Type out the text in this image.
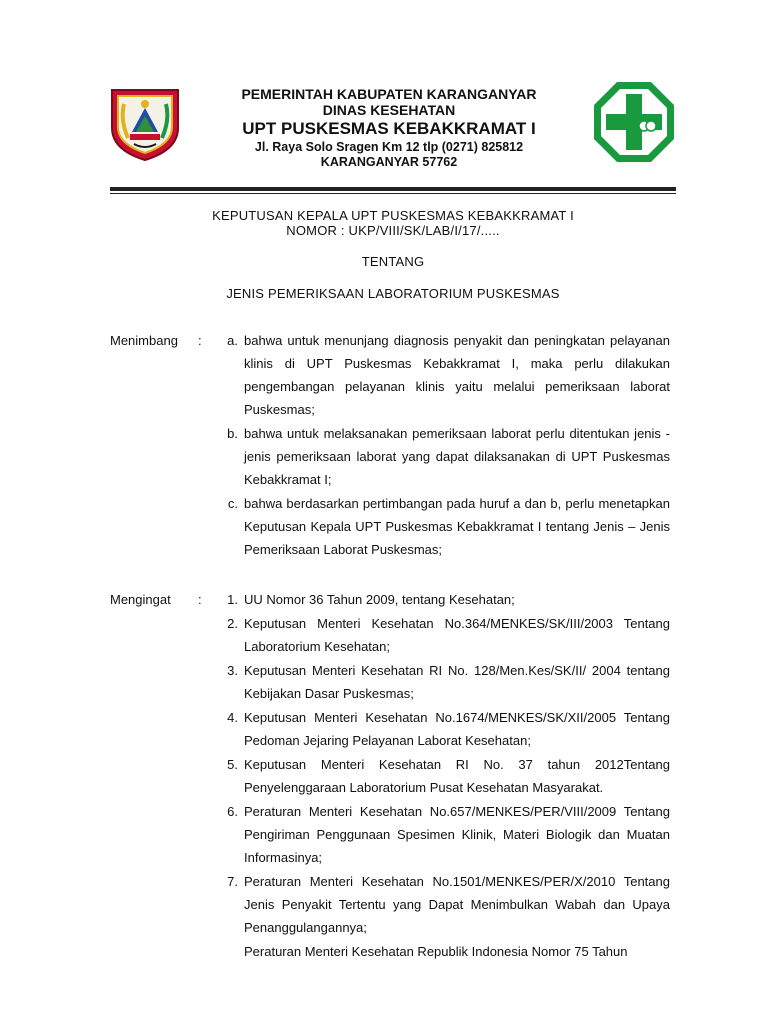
PEMERINTAH KABUPATEN KARANGANYAR
DINAS KESEHATAN
UPT PUSKESMAS KEBAKKRAMAT I
Jl. Raya Solo Sragen Km 12 tlp (0271) 825812
KARANGANYAR 57762
KEPUTUSAN KEPALA UPT PUSKESMAS KEBAKKRAMAT I
NOMOR : UKP/VIII/SK/LAB/I/17/.....
TENTANG
JENIS PEMERIKSAAN LABORATORIUM PUSKESMAS
Menimbang	:	a. bahwa untuk menunjang diagnosis penyakit dan peningkatan pelayanan klinis di UPT Puskesmas Kebakkramat I, maka perlu dilakukan pengembangan pelayanan klinis yaitu melalui pemeriksaan laborat Puskesmas;
b. bahwa untuk melaksanakan pemeriksaan laborat perlu ditentukan jenis - jenis pemeriksaan laborat yang dapat dilaksanakan di UPT Puskesmas Kebakkramat I;
c. bahwa berdasarkan pertimbangan pada huruf a dan b, perlu menetapkan Keputusan Kepala UPT Puskesmas Kebakkramat I tentang Jenis – Jenis Pemeriksaan Laborat Puskesmas;
Mengingat	:	1. UU Nomor 36 Tahun 2009, tentang Kesehatan;
2. Keputusan Menteri Kesehatan No.364/MENKES/SK/III/2003 Tentang Laboratorium Kesehatan;
3. Keputusan Menteri Kesehatan RI No. 128/Men.Kes/SK/II/ 2004 tentang Kebijakan Dasar Puskesmas;
4. Keputusan Menteri Kesehatan No.1674/MENKES/SK/XII/2005 Tentang Pedoman Jejaring Pelayanan Laborat Kesehatan;
5. Keputusan Menteri Kesehatan RI No. 37 tahun 2012Tentang Penyelenggaraan Laboratorium Pusat Kesehatan Masyarakat.
6. Peraturan Menteri Kesehatan No.657/MENKES/PER/VIII/2009 Tentang Pengiriman Penggunaan Spesimen Klinik, Materi Biologik dan Muatan Informasinya;
7. Peraturan Menteri Kesehatan No.1501/MENKES/PER/X/2010 Tentang Jenis Penyakit Tertentu yang Dapat Menimbulkan Wabah dan Upaya Penanggulangannya;
Peraturan Menteri Kesehatan Republik Indonesia Nomor 75 Tahun
